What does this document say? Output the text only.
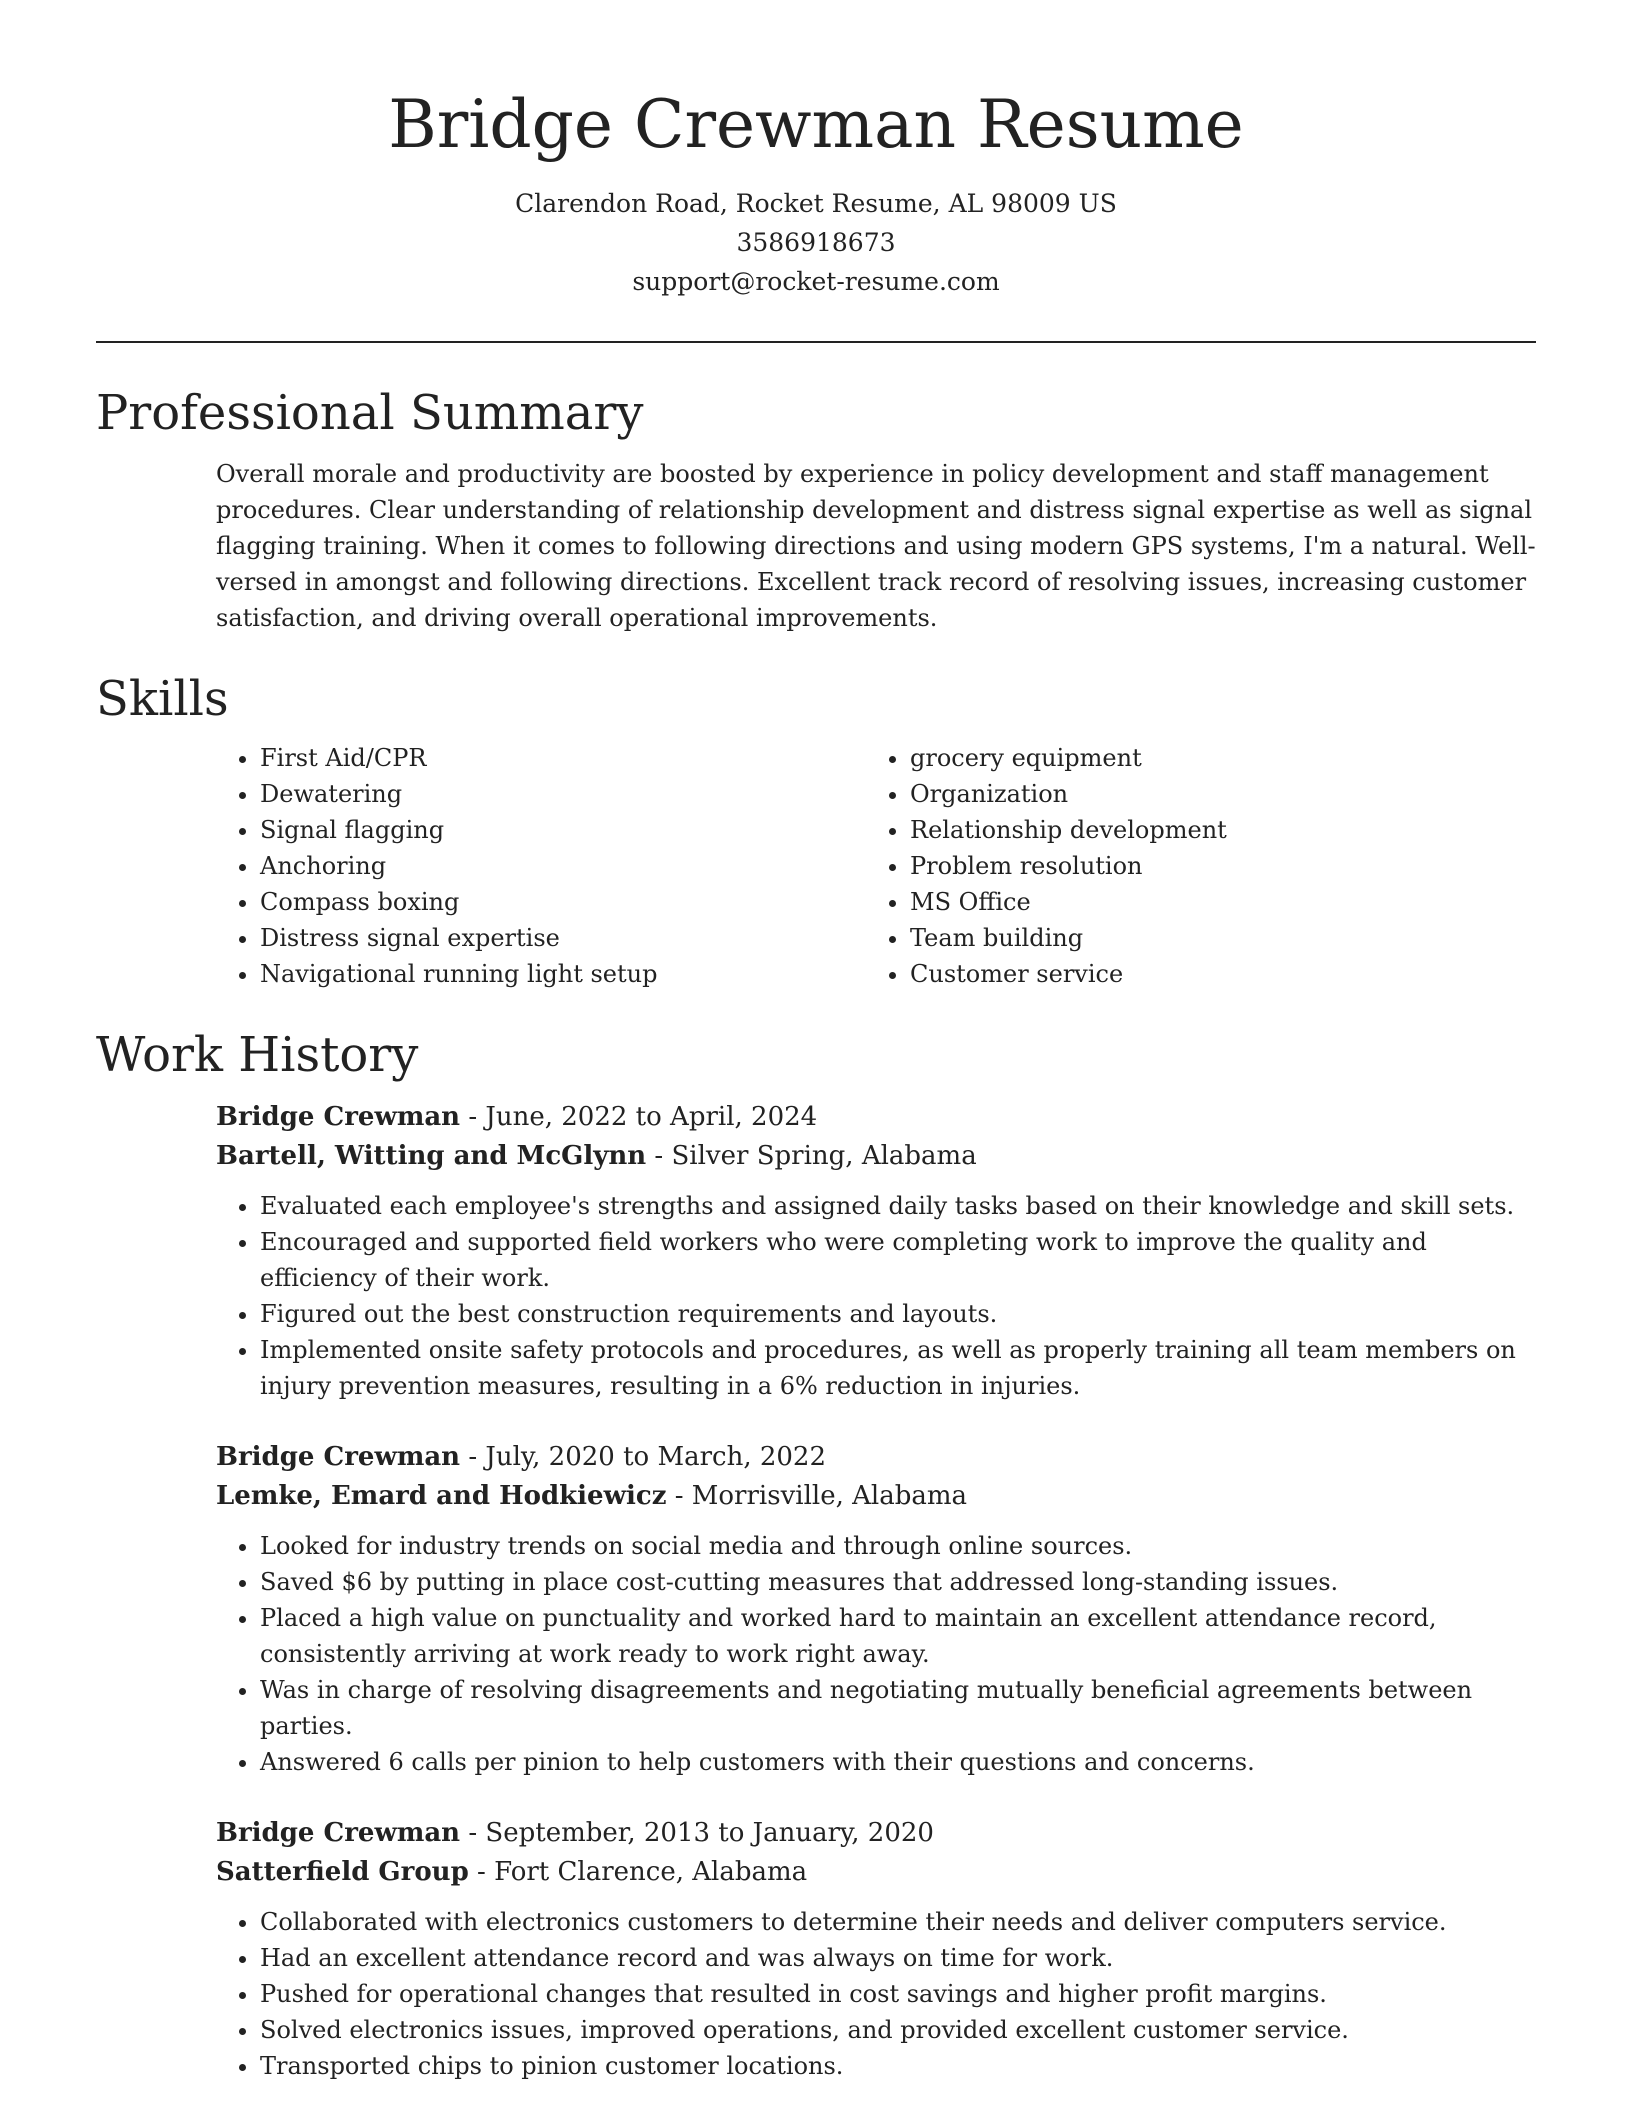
Bridge Crewman Resume
Clarendon Road, Rocket Resume, AL 98009 US
3586918673
support@rocket-resume.com
Professional Summary

Overall morale and productivity are boosted by experience in policy development and staff management procedures. Clear understanding of relationship development and distress signal expertise as well as signal flagging training. When it comes to following directions and using modern GPS systems, I'm a natural. Well-versed in amongst and following directions. Excellent track record of resolving issues, increasing customer satisfaction, and driving overall operational improvements.

Skills
• First Aid/CPR
• Dewatering
• Signal flagging
• Anchoring
• Compass boxing
• Distress signal expertise
• Navigational running light setup
• grocery equipment
• Organization
• Relationship development
• Problem resolution
• MS Office
• Team building
• Customer service
Work History
Bridge Crewman - June, 2022 to April, 2024
Bartell, Witting and McGlynn - Silver Spring, Alabama
• Evaluated each employee's strengths and assigned daily tasks based on their knowledge and skill sets.
• Encouraged and supported field workers who were completing work to improve the quality and efficiency of their work.
• Figured out the best construction requirements and layouts.
• Implemented onsite safety protocols and procedures, as well as properly training all team members on injury prevention measures, resulting in a 6% reduction in injuries.
Bridge Crewman - July, 2020 to March, 2022
Lemke, Emard and Hodkiewicz - Morrisville, Alabama
• Looked for industry trends on social media and through online sources.
• Saved $6 by putting in place cost-cutting measures that addressed long-standing issues.
• Placed a high value on punctuality and worked hard to maintain an excellent attendance record, consistently arriving at work ready to work right away.
• Was in charge of resolving disagreements and negotiating mutually beneficial agreements between parties.
• Answered 6 calls per pinion to help customers with their questions and concerns.
Bridge Crewman - September, 2013 to January, 2020
Satterfield Group - Fort Clarence, Alabama
• Collaborated with electronics customers to determine their needs and deliver computers service.
• Had an excellent attendance record and was always on time for work.
• Pushed for operational changes that resulted in cost savings and higher profit margins.
• Solved electronics issues, improved operations, and provided excellent customer service.
• Transported chips to pinion customer locations.
